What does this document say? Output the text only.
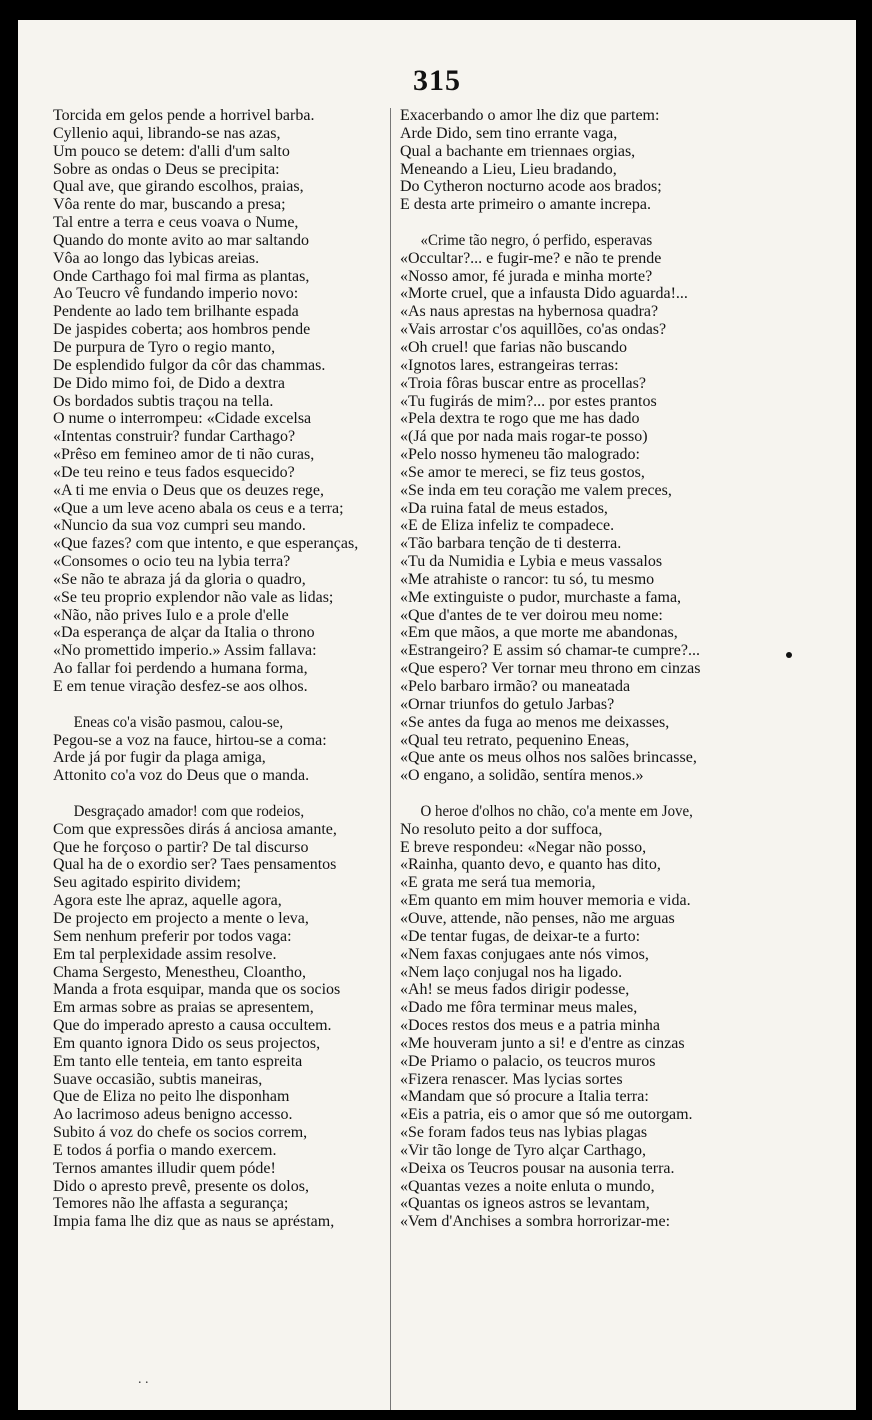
315
Torcida em gelos pende a horrivel barba.
Cyllenio aqui, librando-se nas azas,
Um pouco se detem: d'alli d'um salto
Sobre as ondas o Deus se precipita:
Qual ave, que girando escolhos, praias,
Vôa rente do mar, buscando a presa;
Tal entre a terra e ceus voava o Nume,
Quando do monte avito ao mar saltando
Vôa ao longo das lybicas areias.
Onde Carthago foi mal firma as plantas,
Ao Teucro vê fundando imperio novo:
Pendente ao lado tem brilhante espada
De jaspides coberta; aos hombros pende
De purpura de Tyro o regio manto,
De esplendido fulgor da côr das chammas.
De Dido mimo foi, de Dido a dextra
Os bordados subtis traçou na tella.
O nume o interrompeu: «Cidade excelsa
«Intentas construir? fundar Carthago?
«Prêso em femineo amor de ti não curas,
«De teu reino e teus fados esquecido?
«A ti me envia o Deus que os deuzes rege,
«Que a um leve aceno abala os ceus e a terra;
«Nuncio da sua voz cumpri seu mando.
«Que fazes? com que intento, e que esperanças,
«Consomes o ocio teu na lybia terra?
«Se não te abraza já da gloria o quadro,
«Se teu proprio explendor não vale as lidas;
«Não, não prives Iulo e a prole d'elle
«Da esperança de alçar da Italia o throno
«No promettido imperio.» Assim fallava:
Ao fallar foi perdendo a humana forma,
E em tenue viração desfez-se aos olhos.
Eneas co'a visão pasmou, calou-se,
Pegou-se a voz na fauce, hirtou-se a coma:
Arde já por fugir da plaga amiga,
Attonito co'a voz do Deus que o manda.
Desgraçado amador! com que rodeios,
Com que expressões dirás á anciosa amante,
Que he forçoso o partir? De tal discurso
Qual ha de o exordio ser? Taes pensamentos
Seu agitado espirito dividem;
Agora este lhe apraz, aquelle agora,
De projecto em projecto a mente o leva,
Sem nenhum preferir por todos vaga:
Em tal perplexidade assim resolve.
Chama Sergesto, Menestheu, Cloantho,
Manda a frota esquipar, manda que os socios
Em armas sobre as praias se apresentem,
Que do imperado apresto a causa occultem.
Em quanto ignora Dido os seus projectos,
Em tanto elle tenteia, em tanto espreita
Suave occasião, subtis maneiras,
Que de Eliza no peito lhe disponham
Ao lacrimoso adeus benigno accesso.
Subito á voz do chefe os socios correm,
E todos á porfia o mando exercem.
Ternos amantes illudir quem póde!
Dido o apresto prevê, presente os dolos,
Temores não lhe affasta a segurança;
Impia fama lhe diz que as naus se apréstam,
Exacerbando o amor lhe diz que partem:
Arde Dido, sem tino errante vaga,
Qual a bachante em triennaes orgias,
Meneando a Lieu, Lieu bradando,
Do Cytheron nocturno acode aos brados;
E desta arte primeiro o amante increpa.
«Crime tão negro, ó perfido, esperavas
«Occultar?... e fugir-me? e não te prende
«Nosso amor, fé jurada e minha morte?
«Morte cruel, que a infausta Dido aguarda!...
«As naus aprestas na hybernosa quadra?
«Vais arrostar c'os aquillões, co'as ondas?
«Oh cruel! que farias não buscando
«Ignotos lares, estrangeiras terras:
«Troia fôras buscar entre as procellas?
«Tu fugirás de mim?... por estes prantos
«Pela dextra te rogo que me has dado
«(Já que por nada mais rogar-te posso)
«Pelo nosso hymeneu tão malogrado:
«Se amor te mereci, se fiz teus gostos,
«Se inda em teu coração me valem preces,
«Da ruina fatal de meus estados,
«E de Eliza infeliz te compadece.
«Tão barbara tenção de ti desterra.
«Tu da Numidia e Lybia e meus vassalos
«Me atrahiste o rancor: tu só, tu mesmo
«Me extinguiste o pudor, murchaste a fama,
«Que d'antes de te ver doirou meu nome:
«Em que mãos, a que morte me abandonas,
«Estrangeiro? E assim só chamar-te cumpre?...
«Que espero? Ver tornar meu throno em cinzas
«Pelo barbaro irmão? ou maneatada
«Ornar triunfos do getulo Jarbas?
«Se antes da fuga ao menos me deixasses,
«Qual teu retrato, pequenino Eneas,
«Que ante os meus olhos nos salões brincasse,
«O engano, a solidão, sentíra menos.»
O heroe d'olhos no chão, co'a mente em Jove,
No resoluto peito a dor suffoca,
E breve respondeu: «Negar não posso,
«Rainha, quanto devo, e quanto has dito,
«E grata me será tua memoria,
«Em quanto em mim houver memoria e vida.
«Ouve, attende, não penses, não me arguas
«De tentar fugas, de deixar-te a furto:
«Nem faxas conjugaes ante nós vimos,
«Nem laço conjugal nos ha ligado.
«Ah! se meus fados dirigir podesse,
«Dado me fôra terminar meus males,
«Doces restos dos meus e a patria minha
«Me houveram junto a si! e d'entre as cinzas
«De Priamo o palacio, os teucros muros
«Fizera renascer. Mas lycias sortes
«Mandam que só procure a Italia terra:
«Eis a patria, eis o amor que só me outorgam.
«Se foram fados teus nas lybias plagas
«Vir tão longe de Tyro alçar Carthago,
«Deixa os Teucros pousar na ausonia terra.
«Quantas vezes a noite enluta o mundo,
«Quantas os igneos astros se levantam,
«Vem d'Anchises a sombra horrorizar-me:
. .
